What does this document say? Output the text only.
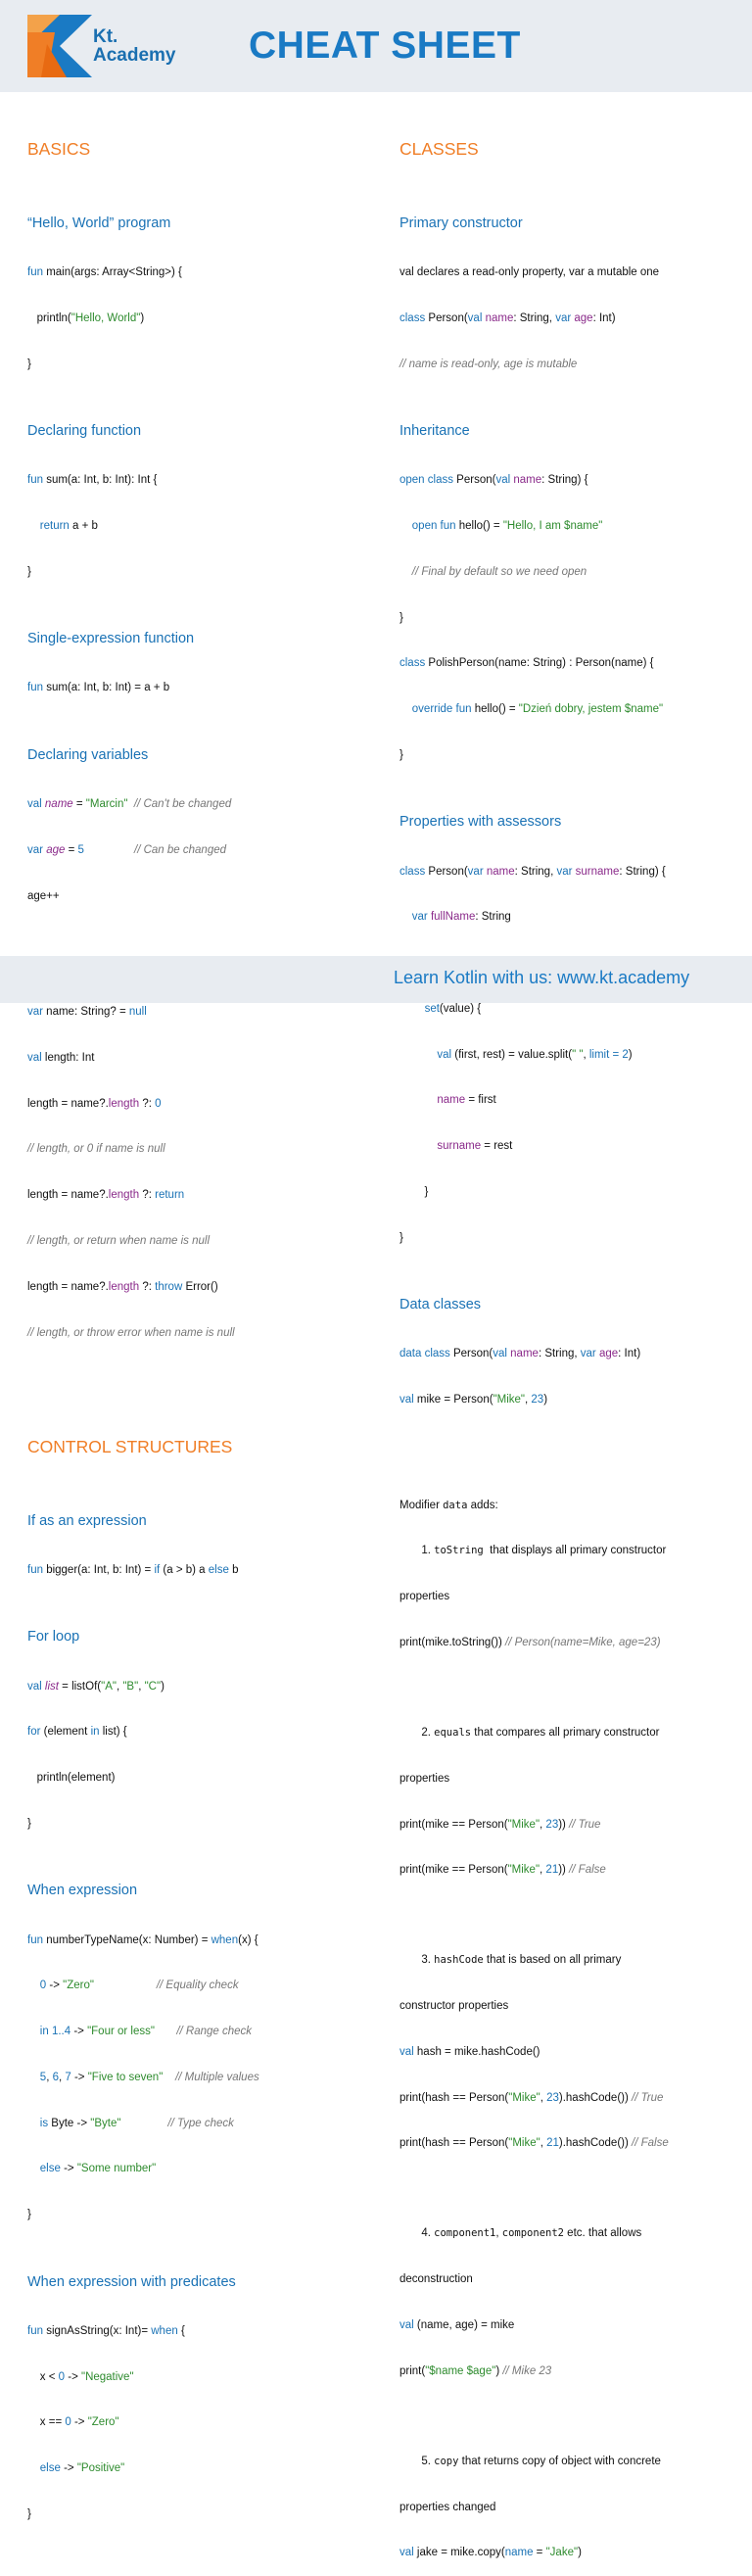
Kt.
Academy CHEAT SHEET

BASICS

“Hello, World” program

fun main(args: Array<String>) {

println("Hello, World")

}

Declaring function

fun sum(a: Int, b: Int): Int {

return a + b

}

Single-expression function

fun sum(a: Int, b: Int) = a + b

Declaring variables

val name = "Marcin" // Can't be changed

var age = 5	// Can be changed

age++

var name: String? = null

val length: Int

length = name?.length ?: 0

// length, or 0 if name is null

length = name?.length ?: return

// length, or return when name is null

length = name?.length ?: throw Error()

// length, or throw error when name is null

CONTROL STRUCTURES

If as an expression

fun bigger(a: Int, b: Int) = if (a > b) a else b

For loop

val list = listOf("A", "B", "C")

for (element in list) {

println(element)

}

When expression

fun numberTypeName(x: Number) = when(x) {

0 -> "Zero"	// Equality check

in 1..4 -> "Four or less" // Range check

5, 6, 7 -> "Five to seven" // Multiple values

is Byte -> "Byte"	// Type check

else -> "Some number"

}

When expression with predicates

fun signAsString(x: Int)= when {

x < 0 -> "Negative"

x == 0 -> "Zero"

else -> "Positive"

}

CLASSES

Primary constructor

val declares a read-only property, var a mutable one

class Person(val name: String, var age: Int)

// name is read-only, age is mutable

Inheritance

open class Person(val name: String) {

open fun hello() = "Hello, I am $name"

// Final by default so we need open

}

class PolishPerson(name: String) : Person(name) {

override fun hello() = "Dzień dobry, jestem $name"

}

Properties with assessors

class Person(var name: String, var surname: String) {

var fullName: String

set(value) {

val (first, rest) = value.split(" ", limit = 2)

name = first

surname = rest

}

}

Data classes

data class Person(val name: String, var age: Int)

val mike = Person("Mike", 23)

Modifier data adds:

1. toString  that displays all primary constructor

properties

print(mike.toString()) // Person(name=Mike, age=23)

2. equals that compares all primary constructor

properties

print(mike == Person("Mike", 23)) // True

print(mike == Person("Mike", 21)) // False

3. hashCode that is based on all primary

constructor properties

val hash = mike.hashCode()

print(hash == Person("Mike", 23).hashCode()) // True

print(hash == Person("Mike", 21).hashCode()) // False

4. component1, component2 etc. that allows

deconstruction

val (name, age) = mike

print("$name $age") // Mike 23

5. copy that returns copy of object with concrete

properties changed

val jake = mike.copy(name = "Jake")

Learn Kotlin with us: www.kt.academy
